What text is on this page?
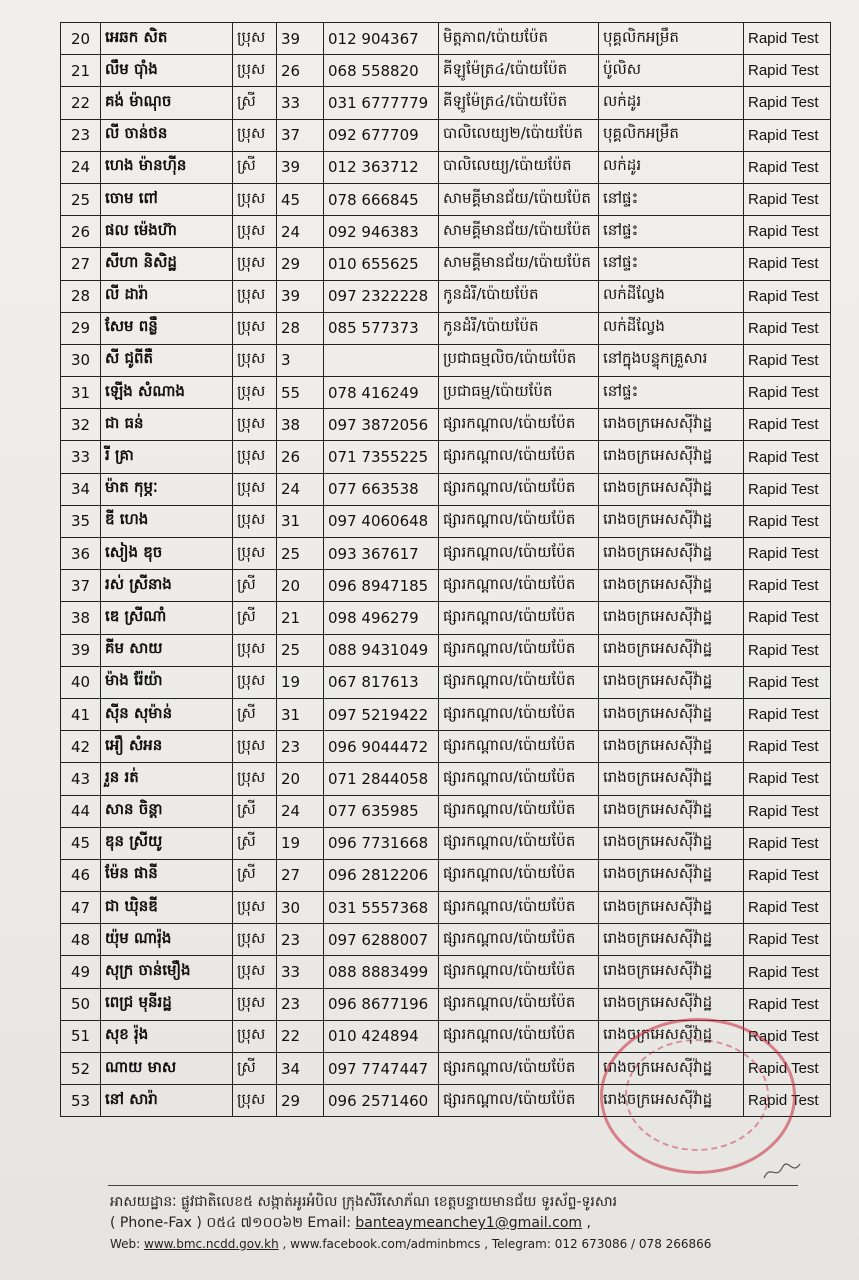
20	អេឆក សិត	ប្រុស	39	012 904367	មិត្តភាព/ប៉ោយប៉ែត	បុគ្គលិកអម្រឹត	Rapid Test
21	លឹម ប៉ាំង	ប្រុស	26	068 558820	គីឡូម៉ែត្រ៤/ប៉ោយប៉ែត	ប៉ូលិស	Rapid Test
22	គង់ ម៉ាណុច	ស្រី	33	031 6777779	គីឡូម៉ែត្រ៤/ប៉ោយប៉ែត	លក់ដូរ	Rapid Test
23	លី ចាន់ថន	ប្រុស	37	092 677709	បាលិលេយ្យ២/ប៉ោយប៉ែត	បុគ្គលិកអម្រឹត	Rapid Test
24	ហេង ម៉ានហ៊ីន	ស្រី	39	012 363712	បាលិលេយ្យ/ប៉ោយប៉ែត	លក់ដូរ	Rapid Test
25	ចោម ពៅ	ប្រុស	45	078 666845	សាមគ្គីមានជ័យ/ប៉ោយប៉ែត	នៅផ្ទះ	Rapid Test
26	ផល ម៉េងហ៊ា	ប្រុស	24	092 946383	សាមគ្គីមានជ័យ/ប៉ោយប៉ែត	នៅផ្ទះ	Rapid Test
27	សីហា និសិដ្ឋ	ប្រុស	29	010 655625	សាមគ្គីមានជ័យ/ប៉ោយប៉ែត	នៅផ្ទះ	Rapid Test
28	លី ដារ៉ា	ប្រុស	39	097 2322228	កូនដំរី/ប៉ោយប៉ែត	លក់ដីល្វែង	Rapid Test
29	សែម ពន្លឺ	ប្រុស	28	085 577373	កូនដំរី/ប៉ោយប៉ែត	លក់ដីល្វែង	Rapid Test
30	សី ជូពីតឺ	ប្រុស	3		ប្រជាធម្មលិច/ប៉ោយប៉ែត	នៅក្នុងបន្ទុកគ្រួសារ	Rapid Test
31	ឡើង សំណាង	ប្រុស	55	078 416249	ប្រជាធម្ម/ប៉ោយប៉ែត	នៅផ្ទះ	Rapid Test
32	ជា ធន់	ប្រុស	38	097 3872056	ផ្សារកណ្តាល/ប៉ោយប៉ែត	រោងចក្រអេសស៊ីវ៉ាដ្ឋ	Rapid Test
33	រី គ្រា	ប្រុស	26	071 7355225	ផ្សារកណ្តាល/ប៉ោយប៉ែត	រោងចក្រអេសស៊ីវ៉ាដ្ឋ	Rapid Test
34	ម៉ាត កុម្ភៈ	ប្រុស	24	077 663538	ផ្សារកណ្តាល/ប៉ោយប៉ែត	រោងចក្រអេសស៊ីវ៉ាដ្ឋ	Rapid Test
35	ឌី ហេង	ប្រុស	31	097 4060648	ផ្សារកណ្តាល/ប៉ោយប៉ែត	រោងចក្រអេសស៊ីវ៉ាដ្ឋ	Rapid Test
36	សៀង ឌុច	ប្រុស	25	093 367617	ផ្សារកណ្តាល/ប៉ោយប៉ែត	រោងចក្រអេសស៊ីវ៉ាដ្ឋ	Rapid Test
37	រស់ ស្រីនាង	ស្រី	20	096 8947185	ផ្សារកណ្តាល/ប៉ោយប៉ែត	រោងចក្រអេសស៊ីវ៉ាដ្ឋ	Rapid Test
38	ឌេ ស្រីណាំ	ស្រី	21	098 496279	ផ្សារកណ្តាល/ប៉ោយប៉ែត	រោងចក្រអេសស៊ីវ៉ាដ្ឋ	Rapid Test
39	គីម សាយ	ប្រុស	25	088 9431049	ផ្សារកណ្តាល/ប៉ោយប៉ែត	រោងចក្រអេសស៊ីវ៉ាដ្ឋ	Rapid Test
40	ម៉ាង រ៉ែយ៉ា	ប្រុស	19	067 817613	ផ្សារកណ្តាល/ប៉ោយប៉ែត	រោងចក្រអេសស៊ីវ៉ាដ្ឋ	Rapid Test
41	ស៊ីន សុម៉ាន់	ស្រី	31	097 5219422	ផ្សារកណ្តាល/ប៉ោយប៉ែត	រោងចក្រអេសស៊ីវ៉ាដ្ឋ	Rapid Test
42	អឿ សំអន	ប្រុស	23	096 9044472	ផ្សារកណ្តាល/ប៉ោយប៉ែត	រោងចក្រអេសស៊ីវ៉ាដ្ឋ	Rapid Test
43	រួន រត់	ប្រុស	20	071 2844058	ផ្សារកណ្តាល/ប៉ោយប៉ែត	រោងចក្រអេសស៊ីវ៉ាដ្ឋ	Rapid Test
44	សាន ចិន្តា	ស្រី	24	077 635985	ផ្សារកណ្តាល/ប៉ោយប៉ែត	រោងចក្រអេសស៊ីវ៉ាដ្ឋ	Rapid Test
45	ឌុន ស្រីយូ	ស្រី	19	096 7731668	ផ្សារកណ្តាល/ប៉ោយប៉ែត	រោងចក្រអេសស៊ីវ៉ាដ្ឋ	Rapid Test
46	ម៉ែន ផានី	ស្រី	27	096 2812206	ផ្សារកណ្តាល/ប៉ោយប៉ែត	រោងចក្រអេសស៊ីវ៉ាដ្ឋ	Rapid Test
47	ជា ឃុិនឌី	ប្រុស	30	031 5557368	ផ្សារកណ្តាល/ប៉ោយប៉ែត	រោងចក្រអេសស៊ីវ៉ាដ្ឋ	Rapid Test
48	យ៉ុម ណារ៉ុង	ប្រុស	23	097 6288007	ផ្សារកណ្តាល/ប៉ោយប៉ែត	រោងចក្រអេសស៊ីវ៉ាដ្ឋ	Rapid Test
49	សុក្រ ចាន់មឿង	ប្រុស	33	088 8883499	ផ្សារកណ្តាល/ប៉ោយប៉ែត	រោងចក្រអេសស៊ីវ៉ាដ្ឋ	Rapid Test
50	ពេជ្រ មុនីរដ្ឋ	ប្រុស	23	096 8677196	ផ្សារកណ្តាល/ប៉ោយប៉ែត	រោងចក្រអេសស៊ីវ៉ាដ្ឋ	Rapid Test
51	សុខ រ៉ុង	ប្រុស	22	010 424894	ផ្សារកណ្តាល/ប៉ោយប៉ែត	រោងចក្រអេសស៊ីវ៉ាដ្ឋ	Rapid Test
52	ណាយ មាស	ស្រី	34	097 7747447	ផ្សារកណ្តាល/ប៉ោយប៉ែត	រោងចក្រអេសស៊ីវ៉ាដ្ឋ	Rapid Test
53	នៅ សារ៉ា	ប្រុស	29	096 2571460	ផ្សារកណ្តាល/ប៉ោយប៉ែត	រោងចក្រអេសស៊ីវ៉ាដ្ឋ	Rapid Test
អាសយដ្ឋានៈ ផ្លូវជាតិលេខ៥ សង្កាត់អូរអំបិល ក្រុងសិរីសោភ័ណ ខេត្តបន្ទាយមានជ័យ ទូរស័ព្ទ-ទូរសារ
( Phone-Fax ) ០៥៤ ៧១០០៦២ Email: banteaymeanchey1@gmail.com ,
Web: www.bmc.ncdd.gov.kh , www.facebook.com/adminbmcs , Telegram: 012 673086 / 078 266866
